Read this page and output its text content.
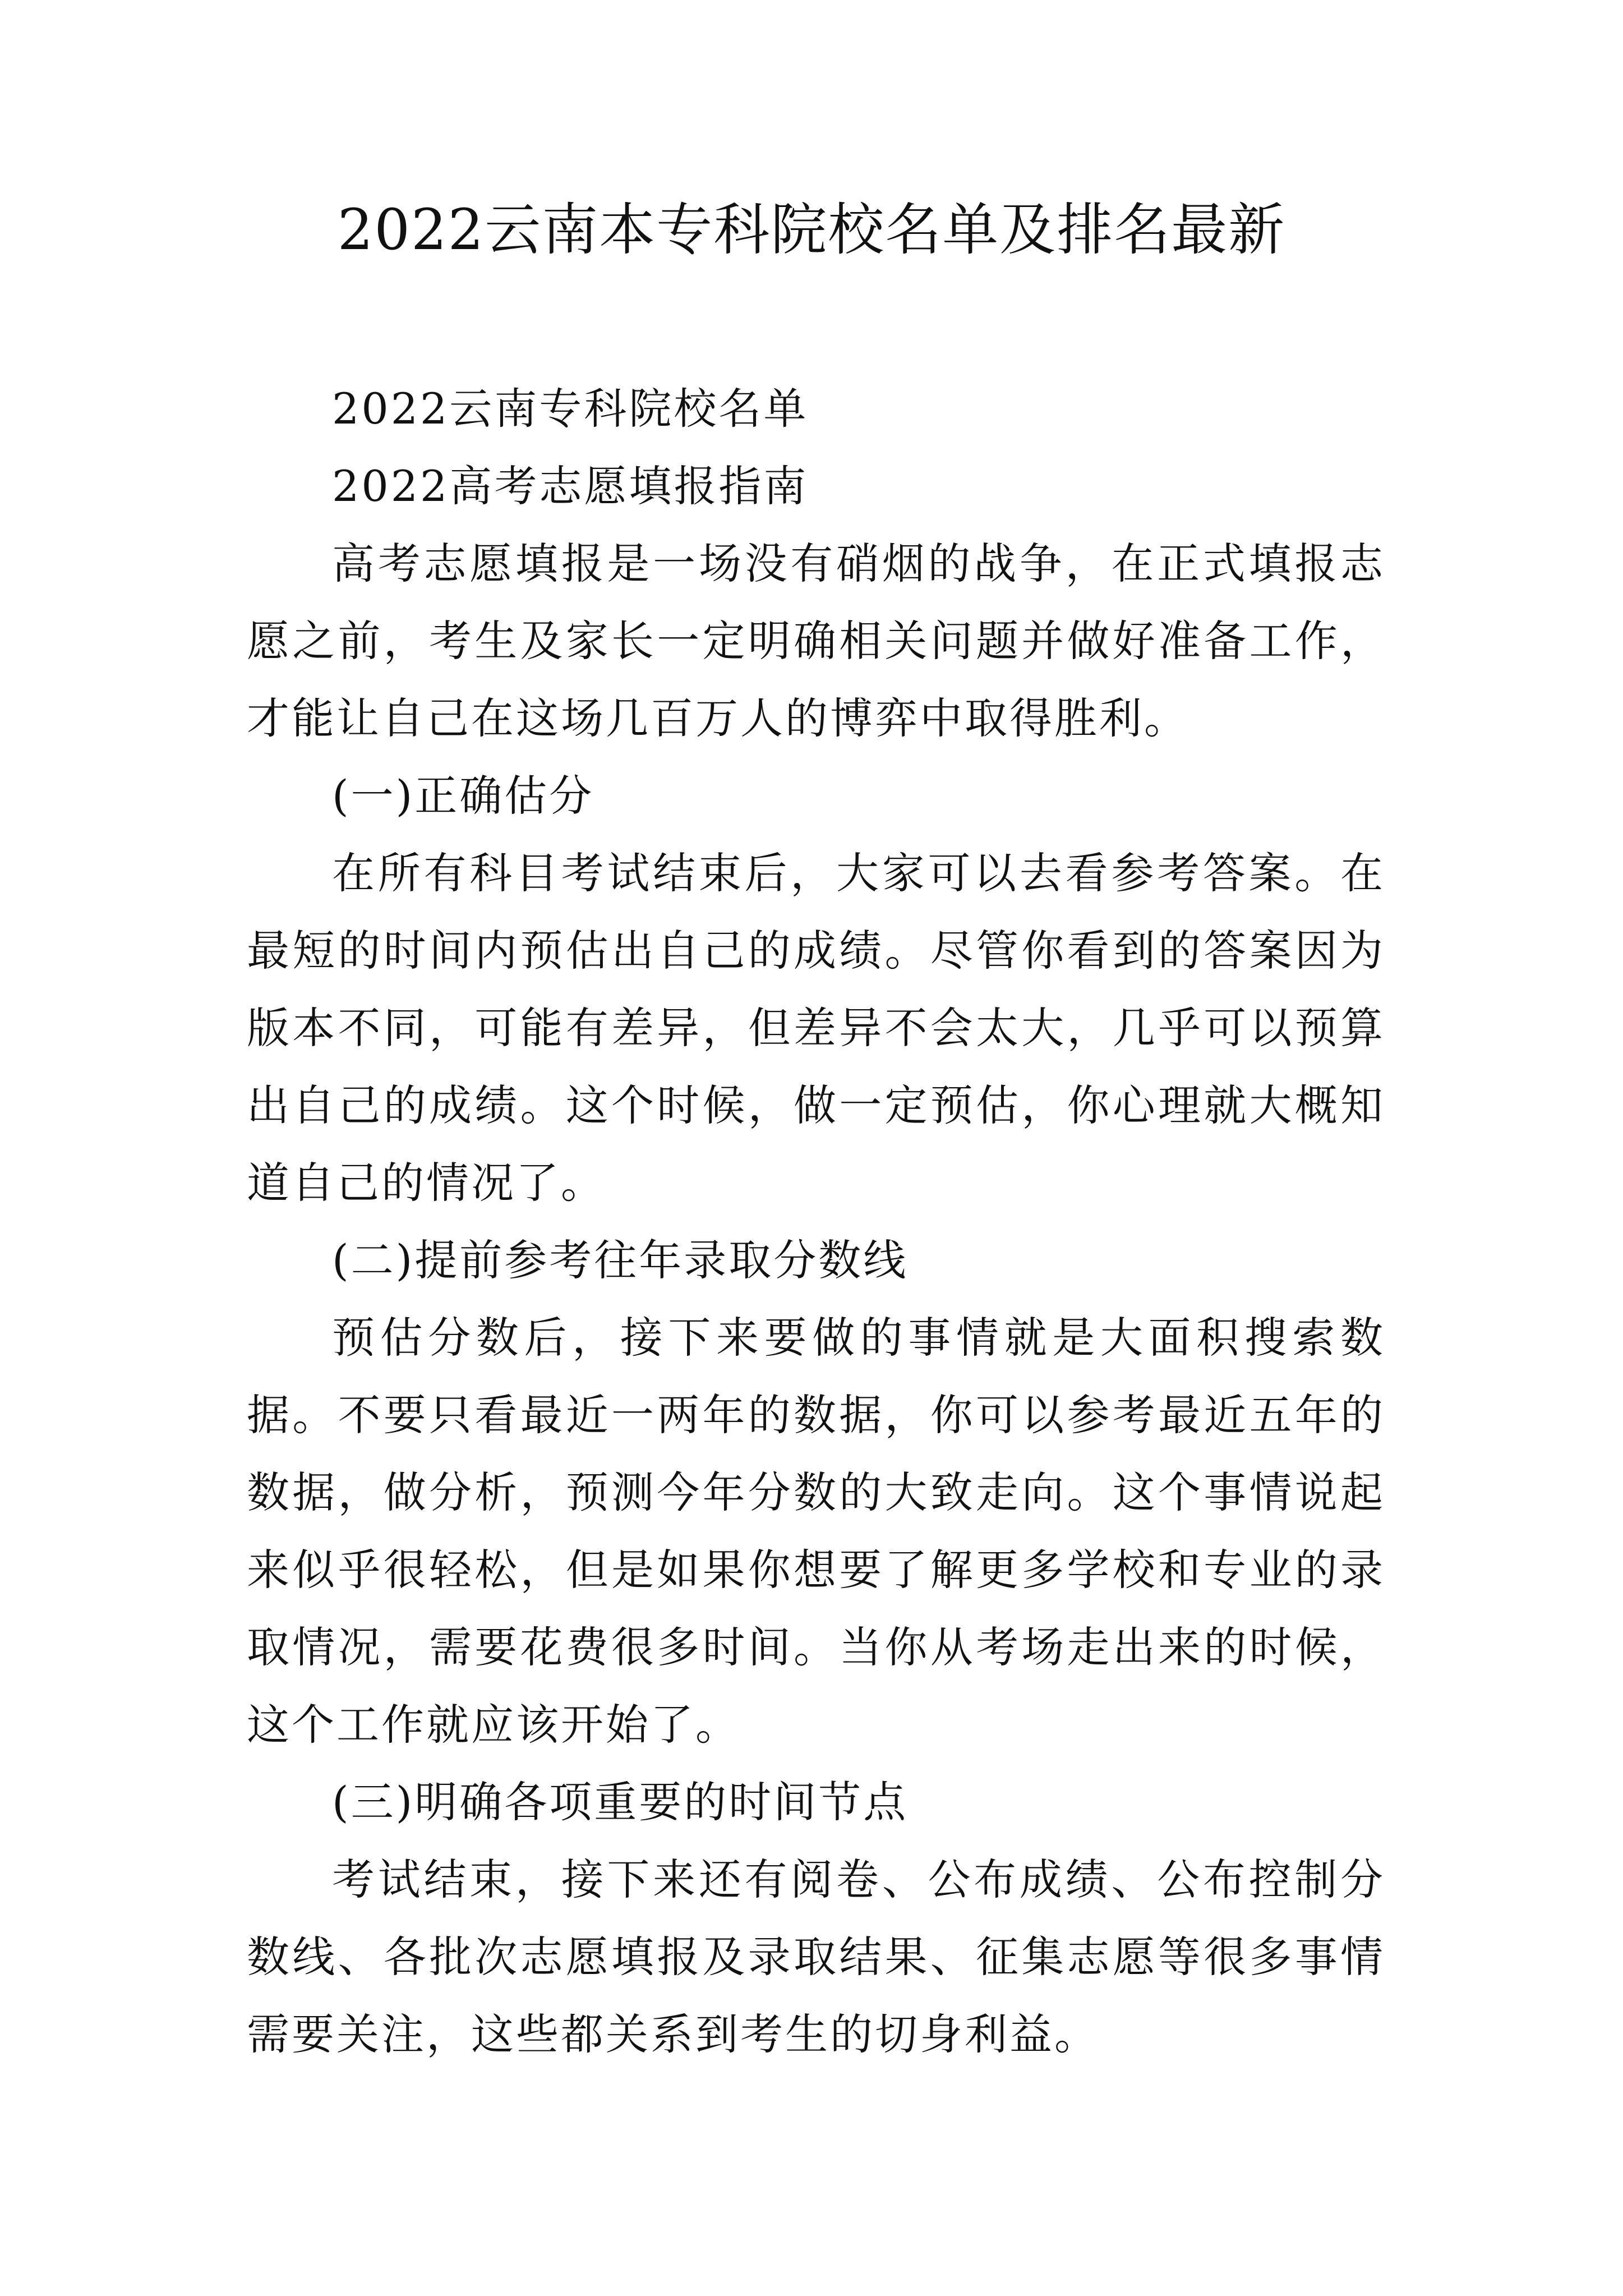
2022云南本专科院校名单及排名最新

2022云南专科院校名单

2022高考志愿填报指南

高考志愿填报是一场没有硝烟的战争，在正式填报志愿之前，考生及家长一定明确相关问题并做好准备工作，才能让自己在这场几百万人的博弈中取得胜利。

(一)正确估分

在所有科目考试结束后，大家可以去看参考答案。在最短的时间内预估出自己的成绩。尽管你看到的答案因为版本不同，可能有差异，但差异不会太大，几乎可以预算出自己的成绩。这个时候，做一定预估，你心理就大概知道自己的情况了。

(二)提前参考往年录取分数线

预估分数后，接下来要做的事情就是大面积搜索数据。不要只看最近一两年的数据，你可以参考最近五年的数据，做分析，预测今年分数的大致走向。这个事情说起来似乎很轻松，但是如果你想要了解更多学校和专业的录取情况，需要花费很多时间。当你从考场走出来的时候，这个工作就应该开始了。

(三)明确各项重要的时间节点

考试结束，接下来还有阅卷、公布成绩、公布控制分数线、各批次志愿填报及录取结果、征集志愿等很多事情需要关注，这些都关系到考生的切身利益。
